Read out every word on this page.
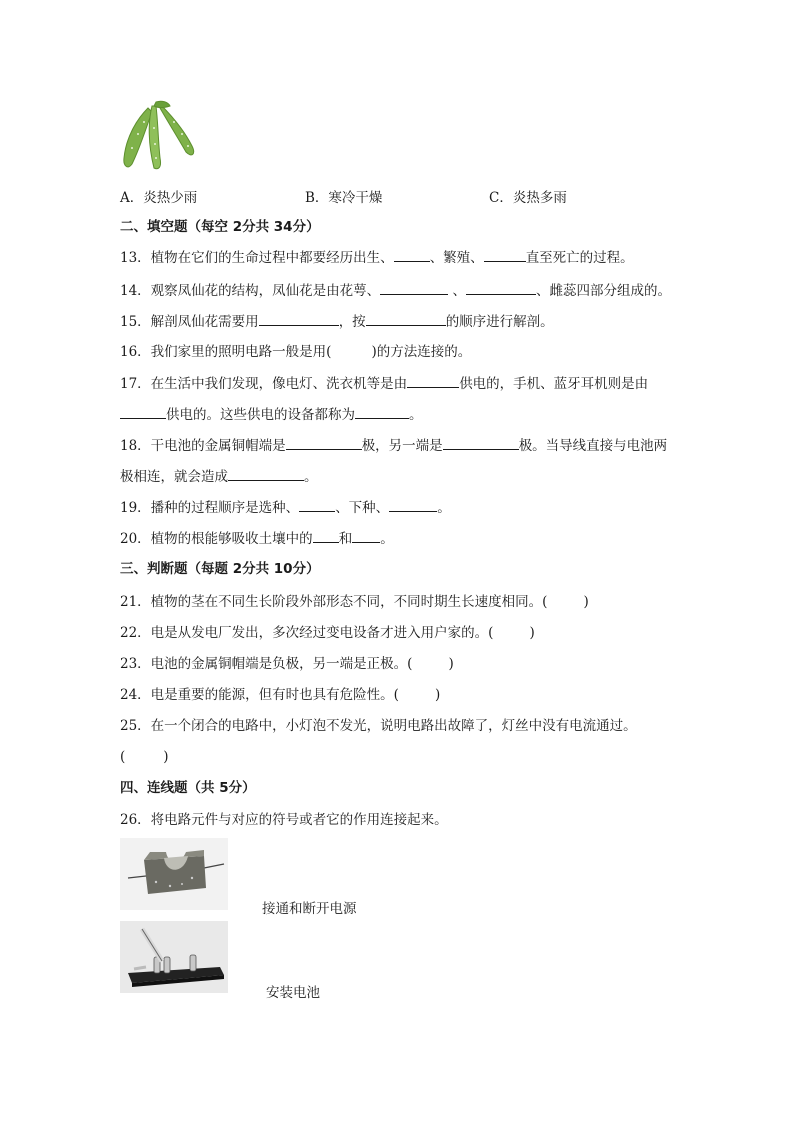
A．炎热少雨	B．寒冷干燥	C．炎热多雨
二、填空题（每空 2分共 34分）
13．植物在它们的生命过程中都要经历出生、	、繁殖、	直至死亡的过程。
14．观察凤仙花的结构，凤仙花是由花萼、	、	、雌蕊四部分组成的。
15．解剖凤仙花需要用	，按	的顺序进行解剖。
16．我们家里的照明电路一般是用(	)的方法连接的。
17．在生活中我们发现，像电灯、洗衣机等是由	供电的，手机、蓝牙耳机则是由
供电的。这些供电的设备都称为	。
18．干电池的金属铜帽端是	极，另一端是	极。当导线直接与电池两
极相连，就会造成	。
19．播种的过程顺序是选种、	、下种、	。
20．植物的根能够吸收土壤中的 和 。
三、判断题（每题 2分共 10分）
21．植物的茎在不同生长阶段外部形态不同，不同时期生长速度相同。(	)
22．电是从发电厂发出，多次经过变电设备才进入用户家的。(	)
23．电池的金属铜帽端是负极，另一端是正极。(	)
24．电是重要的能源，但有时也具有危险性。(	)
25．在一个闭合的电路中，小灯泡不发光，说明电路出故障了，灯丝中没有电流通过。
(	)
四、连线题（共 5分）
26．将电路元件与对应的符号或者它的作用连接起来。
接通和断开电源
安装电池
